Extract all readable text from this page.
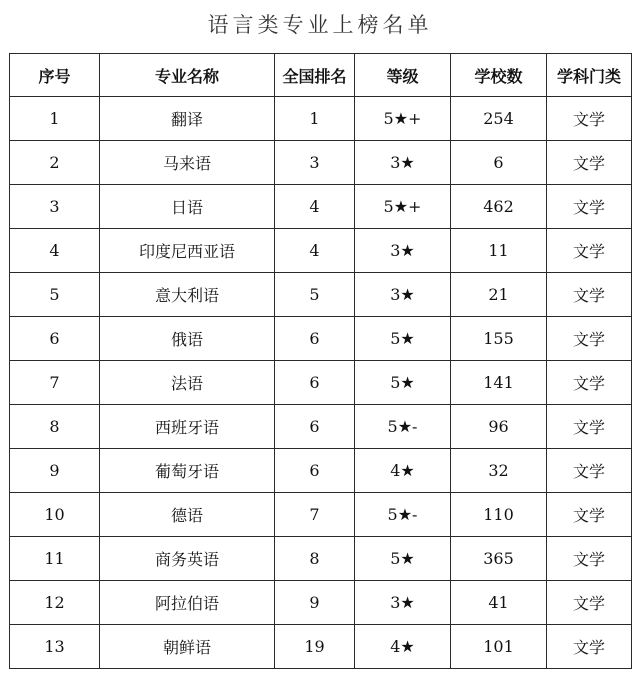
语言类专业上榜名单
序号	专业名称	全国排名	等级	学校数	学科门类
1	翻译	1	5★+	254	文学
2	马来语	3	3★	6	文学
3	日语	4	5★+	462	文学
4	印度尼西亚语	4	3★	11	文学
5	意大利语	5	3★	21	文学
6	俄语	6	5★	155	文学
7	法语	6	5★	141	文学
8	西班牙语	6	5★-	96	文学
9	葡萄牙语	6	4★	32	文学
10	德语	7	5★-	110	文学
11	商务英语	8	5★	365	文学
12	阿拉伯语	9	3★	41	文学
13	朝鲜语	19	4★	101	文学
